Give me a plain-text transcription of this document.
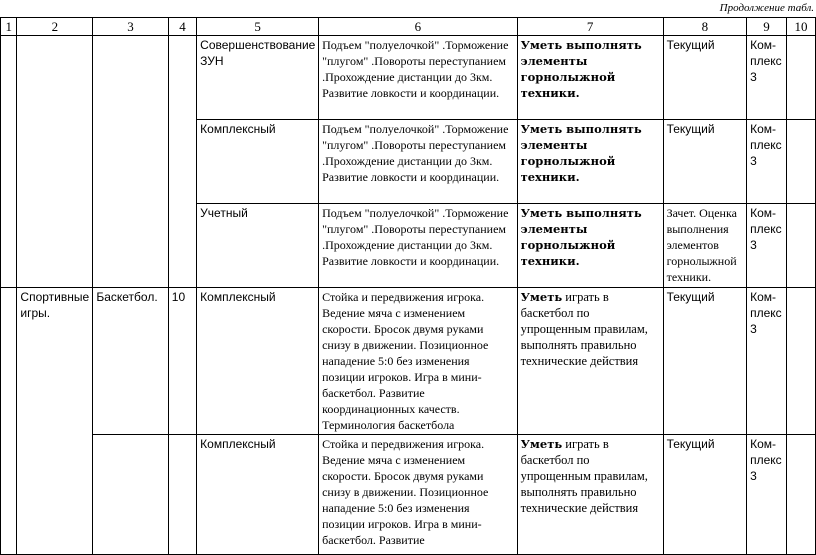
Продолжение табл.
1	2	3	4	5	6	7	8	9	10
				Совершенствование ЗУН	Подъем "полуелочкой" .Торможение "плугом" .Повороты переступанием .Прохождение дистанции до 3км. Развитие ловкости и координации.	Уметь выполнять элементы горнолыжной техники.	Текущий	Ком-плекс 3	
				Комплексный	Подъем "полуелочкой" .Торможение "плугом" .Повороты переступанием .Прохождение дистанции до 3км. Развитие ловкости и координации.	Уметь выполнять элементы горнолыжной техники.	Текущий	Ком-плекс 3	
				Учетный	Подъем "полуелочкой" .Торможение "плугом" .Повороты переступанием .Прохождение дистанции до 3км. Развитие ловкости и координации.	Уметь выполнять элементы горнолыжной техники.	Зачет. Оценка выполнения элементов горнолыжной техники.	Ком-плекс 3	
	Спортивные игры.	Баскетбол.	10	Комплексный	Стойка и передвижения игрока. Ведение мяча с изменением скорости. Бросок двумя руками снизу в движении. Позиционное нападение 5:0 без изменения позиции игроков. Игра в мини-баскетбол. Развитие координационных качеств. Терминология баскетбола	Уметь играть в баскетбол по упрощенным правилам, выполнять правильно технические действия	Текущий	Ком-плекс 3	
				Комплексный	Стойка и передвижения игрока. Ведение мяча с изменением скорости. Бросок двумя руками снизу в движении. Позиционное нападение 5:0 без изменения позиции игроков. Игра в мини-баскетбол. Развитие	Уметь играть в баскетбол по упрощенным правилам, выполнять правильно технические действия	Текущий	Ком-плекс 3	
